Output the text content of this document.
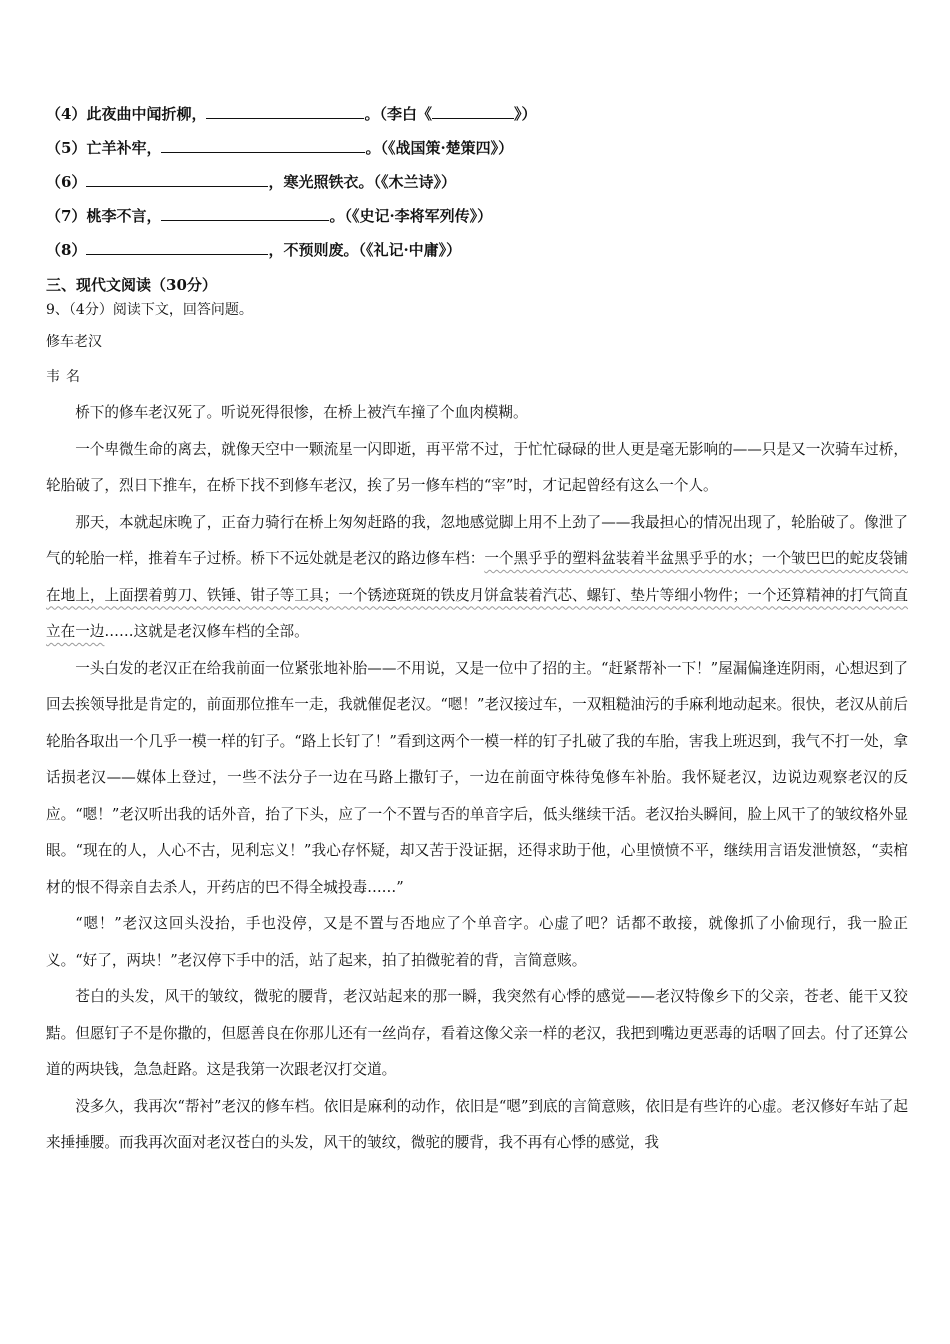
（4）此夜曲中闻折柳，	。（李白《	》）
（5）亡羊补牢，	。（《战国策·楚策四》）
（6）	，寒光照铁衣。（《木兰诗》）
（7）桃李不言，	。（《史记·李将军列传》）
（8）	，不预则废。（《礼记·中庸》）
三、现代文阅读（30分）
9、（4分）阅读下文，回答问题。
修车老汉
韦名

桥下的修车老汉死了。听说死得很惨，在桥上被汽车撞了个血肉模糊。

一个卑微生命的离去，就像天空中一颗流星一闪即逝，再平常不过，于忙忙碌碌的世人更是毫无影响的——只是又一次骑车过桥，轮胎破了，烈日下推车，在桥下找不到修车老汉，挨了另一修车档的“宰”时，才记起曾经有这么一个人。

那天，本就起床晚了，正奋力骑行在桥上匆匆赶路的我，忽地感觉脚上用不上劲了——我最担心的情况出现了，轮胎破了。像泄了气的轮胎一样，推着车子过桥。桥下不远处就是老汉的路边修车档：一个黑乎乎的塑料盆装着半盆黑乎乎的水；一个皱巴巴的蛇皮袋铺在地上，上面摆着剪刀、铁锤、钳子等工具；一个锈迹斑斑的铁皮月饼盒装着汽芯、螺钉、垫片等细小物件；一个还算精神的打气筒直立在一边……这就是老汉修车档的全部。

一头白发的老汉正在给我前面一位紧张地补胎——不用说，又是一位中了招的主。“赶紧帮补一下！”屋漏偏逢连阴雨，心想迟到了回去挨领导批是肯定的，前面那位推车一走，我就催促老汉。“嗯！”老汉接过车，一双粗糙油污的手麻利地动起来。很快，老汉从前后轮胎各取出一个几乎一模一样的钉子。“路上长钉了！”看到这两个一模一样的钉子扎破了我的车胎，害我上班迟到，我气不打一处，拿话损老汉——媒体上登过，一些不法分子一边在马路上撒钉子，一边在前面守株待兔修车补胎。我怀疑老汉，边说边观察老汉的反应。“嗯！”老汉听出我的话外音，抬了下头，应了一个不置与否的单音字后，低头继续干活。老汉抬头瞬间，脸上风干了的皱纹格外显眼。“现在的人，人心不古，见利忘义！”我心存怀疑，却又苦于没证据，还得求助于他，心里愤愤不平，继续用言语发泄愤怒，“卖棺材的恨不得亲自去杀人，开药店的巴不得全城投毒……”

“嗯！”老汉这回头没抬，手也没停，又是不置与否地应了个单音字。心虚了吧？话都不敢接，就像抓了小偷现行，我一脸正义。“好了，两块！”老汉停下手中的活，站了起来，拍了拍微驼着的背，言简意赅。

苍白的头发，风干的皱纹，微驼的腰背，老汉站起来的那一瞬，我突然有心悸的感觉——老汉特像乡下的父亲，苍老、能干又狡黠。但愿钉子不是你撒的，但愿善良在你那儿还有一丝尚存，看着这像父亲一样的老汉，我把到嘴边更恶毒的话咽了回去。付了还算公道的两块钱，急急赶路。这是我第一次跟老汉打交道。

没多久，我再次“帮衬”老汉的修车档。依旧是麻利的动作，依旧是“嗯”到底的言简意赅，依旧是有些许的心虚。老汉修好车站了起来捶捶腰。而我再次面对老汉苍白的头发，风干的皱纹，微驼的腰背，我不再有心悸的感觉，我
